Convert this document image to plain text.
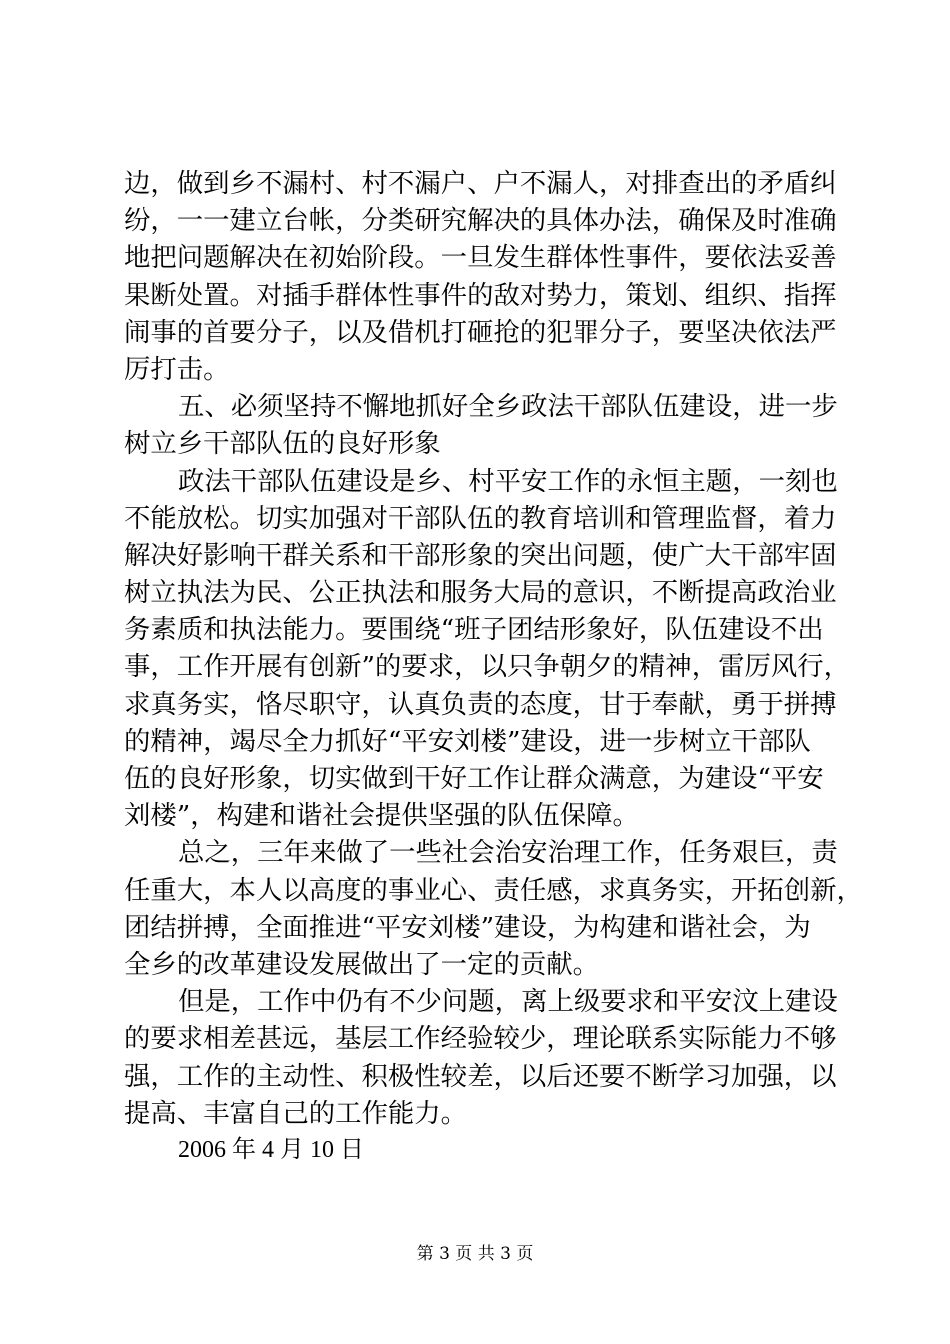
边，做到乡不漏村、村不漏户、户不漏人，对排查出的矛盾纠
纷，一一建立台帐，分类研究解决的具体办法，确保及时准确
地把问题解决在初始阶段。一旦发生群体性事件，要依法妥善
果断处置。对插手群体性事件的敌对势力，策划、组织、指挥
闹事的首要分子，以及借机打砸抢的犯罪分子，要坚决依法严
厉打击。
五、必须坚持不懈地抓好全乡政法干部队伍建设，进一步
树立乡干部队伍的良好形象
政法干部队伍建设是乡、村平安工作的永恒主题，一刻也
不能放松。切实加强对干部队伍的教育培训和管理监督，着力
解决好影响干群关系和干部形象的突出问题，使广大干部牢固
树立执法为民、公正执法和服务大局的意识，不断提高政治业
务素质和执法能力。要围绕“班子团结形象好，队伍建设不出
事，工作开展有创新”的要求，以只争朝夕的精神，雷厉风行，
求真务实，恪尽职守，认真负责的态度，甘于奉献，勇于拼搏
的精神，竭尽全力抓好“平安刘楼”建设，进一步树立干部队
伍的良好形象，切实做到干好工作让群众满意，为建设“平安
刘楼”，构建和谐社会提供坚强的队伍保障。
总之，三年来做了一些社会治安治理工作，任务艰巨，责
任重大，本人以高度的事业心、责任感，求真务实，开拓创新，
团结拼搏，全面推进“平安刘楼”建设，为构建和谐社会，为
全乡的改革建设发展做出了一定的贡献。
但是，工作中仍有不少问题，离上级要求和平安汶上建设
的要求相差甚远，基层工作经验较少，理论联系实际能力不够
强，工作的主动性、积极性较差，以后还要不断学习加强，以
提高、丰富自己的工作能力。
2006 年 4 月 10 日
第 3 页 共 3 页
